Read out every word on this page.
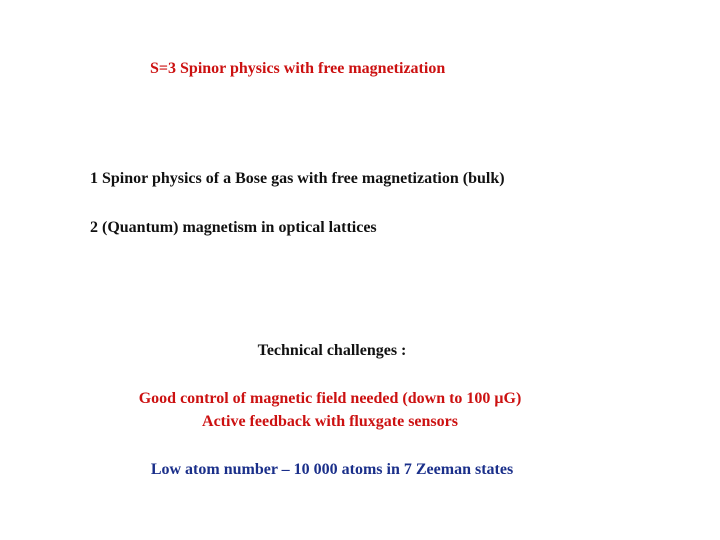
S=3 Spinor physics with free magnetization
1 Spinor physics of a Bose gas with free magnetization (bulk)
2 (Quantum) magnetism in optical lattices
Technical challenges :
Good control of magnetic field needed (down to 100 μG)
Active feedback with fluxgate sensors
Low atom number – 10 000 atoms in 7 Zeeman states
